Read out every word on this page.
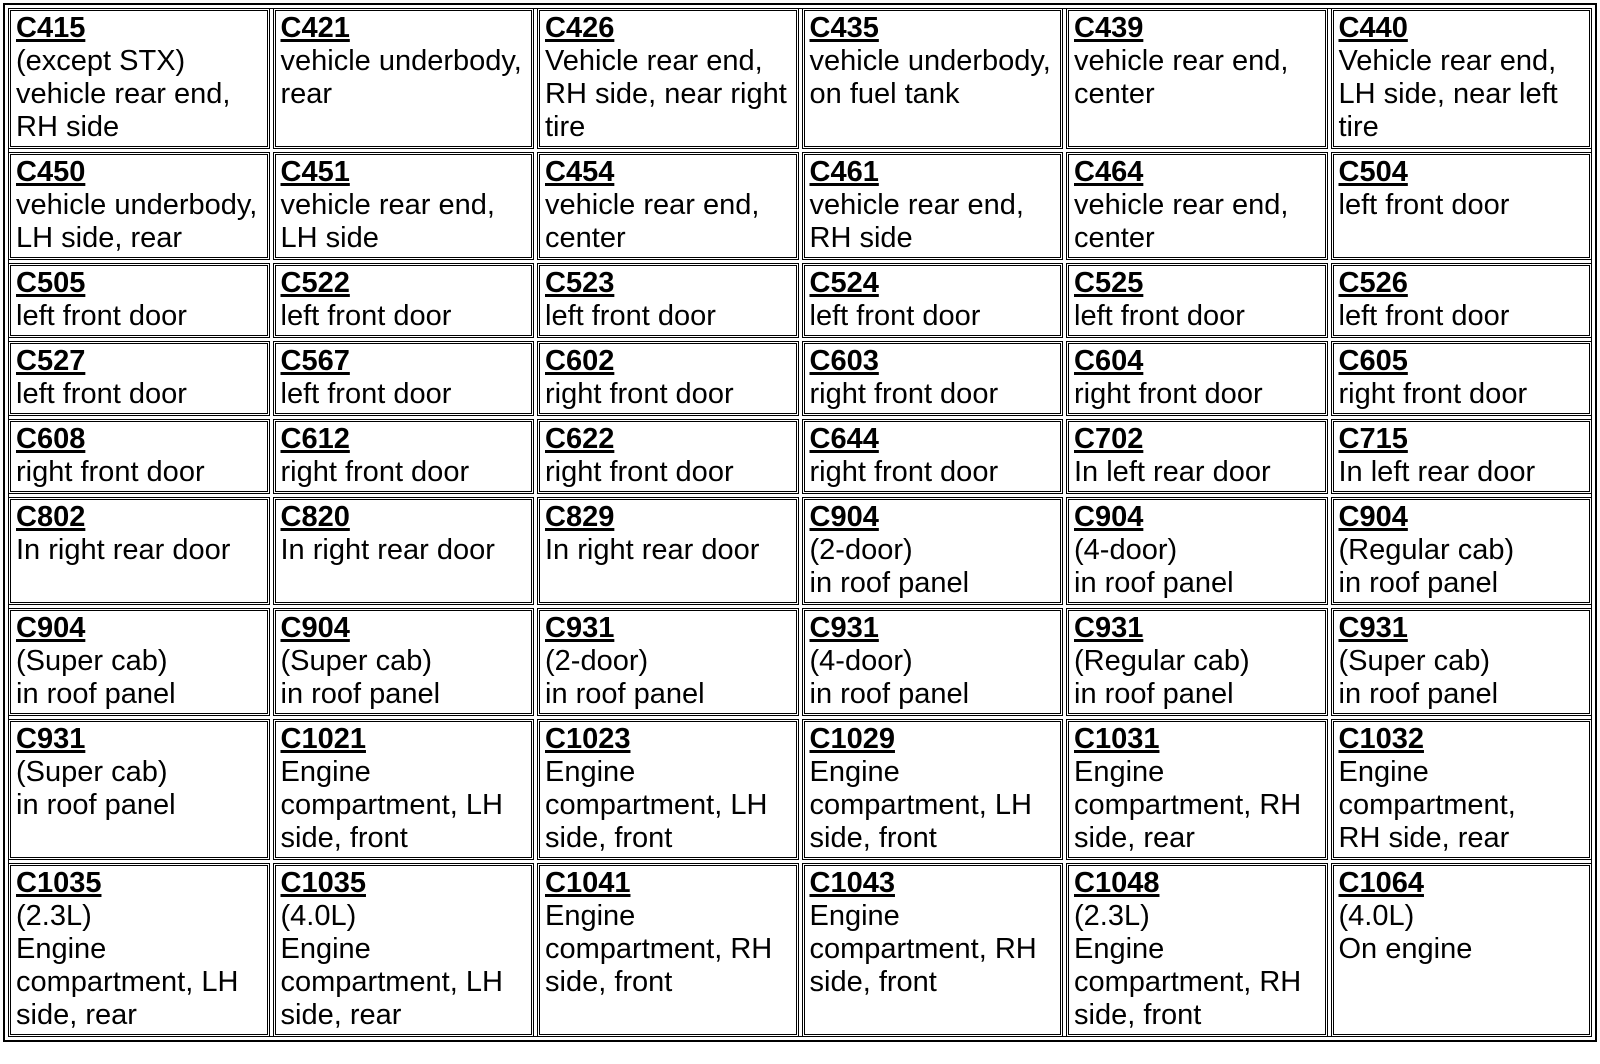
C415
(except STX)
vehicle rear end,
RH side	C421
vehicle underbody,
rear	C426
Vehicle rear end,
RH side, near right
tire	C435
vehicle underbody,
on fuel tank	C439
vehicle rear end,
center	C440
Vehicle rear end,
LH side, near left
tire

C450
vehicle underbody,
LH side, rear	C451
vehicle rear end,
LH side	C454
vehicle rear end,
center	C461
vehicle rear end,
RH side	C464
vehicle rear end,
center	C504
left front door

C505
left front door	C522
left front door	C523
left front door	C524
left front door	C525
left front door	C526
left front door

C527
left front door	C567
left front door	C602
right front door	C603
right front door	C604
right front door	C605
right front door

C608
right front door	C612
right front door	C622
right front door	C644
right front door	C702
In left rear door	C715
In left rear door

C802
In right rear door	C820
In right rear door	C829
In right rear door	C904
(2-door)
in roof panel	C904
(4-door)
in roof panel	C904
(Regular cab)
in roof panel

C904
(Super cab)
in roof panel	C904
(Super cab)
in roof panel	C931
(2-door)
in roof panel	C931
(4-door)
in roof panel	C931
(Regular cab)
in roof panel	C931
(Super cab)
in roof panel

C931
(Super cab)
in roof panel	C1021
Engine
compartment, LH
side, front	C1023
Engine
compartment, LH
side, front	C1029
Engine
compartment, LH
side, front	C1031
Engine
compartment, RH
side, rear	C1032
Engine
compartment,
RH side, rear

C1035
(2.3L)
Engine
compartment, LH
side, rear	C1035
(4.0L)
Engine
compartment, LH
side, rear	C1041
Engine
compartment, RH
side, front	C1043
Engine
compartment, RH
side, front	C1048
(2.3L)
Engine
compartment, RH
side, front	C1064
(4.0L)
On engine
